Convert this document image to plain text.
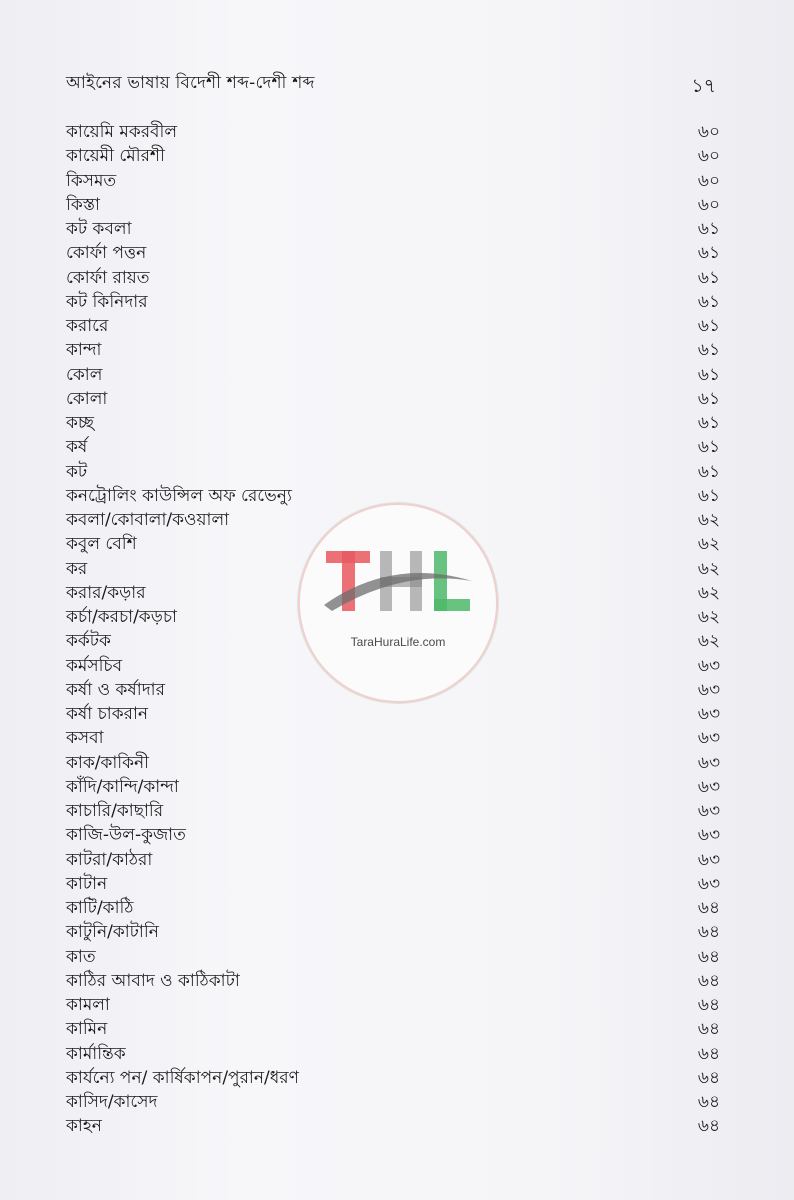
আইনের ভাষায় বিদেশী শব্দ-দেশী শব্দ	১৭
কায়েমি মকরবীল	৬০
কায়েমী মৌরশী	৬০
কিসমত	৬০
কিস্তা	৬০
কট কবলা	৬১
কোর্ফা পত্তন	৬১
কোর্ফা রায়ত	৬১
কট কিনিদার	৬১
করারে	৬১
কান্দা	৬১
কোল	৬১
কোলা	৬১
কচ্ছ	৬১
কর্ষ	৬১
কট	৬১
কনট্রোলিং কাউন্সিল অফ রেভেন্যু	৬১
কবলা/কোবালা/কওয়ালা	৬২
কবুল বেশি	৬২
কর	৬২
করার/কড়ার	৬২
কর্চা/করচা/কড়চা	৬২
কর্কটক	৬২
কর্মসচিব	৬৩
কর্ষা ও কর্ষাদার	৬৩
কর্ষা চাকরান	৬৩
কসবা	৬৩
কাক/কাকিনী	৬৩
কাঁদি/কান্দি/কান্দা	৬৩
কাচারি/কাছারি	৬৩
কাজি-উল-কুজাত	৬৩
কাটরা/কাঠরা	৬৩
কাটান	৬৩
কাটি/কাঠি	৬৪
কাটুনি/কাটানি	৬৪
কাত	৬৪
কাঠির আবাদ ও কাঠিকাটা	৬৪
কামলা	৬৪
কামিন	৬৪
কার্মান্তিক	৬৪
কার্যন্যে পন/ কার্ষিকাপন/পুরান/ধরণ	৬৪
কাসিদ/কাসেদ	৬৪
কাহন	৬৪
TaraHuraLife.com
